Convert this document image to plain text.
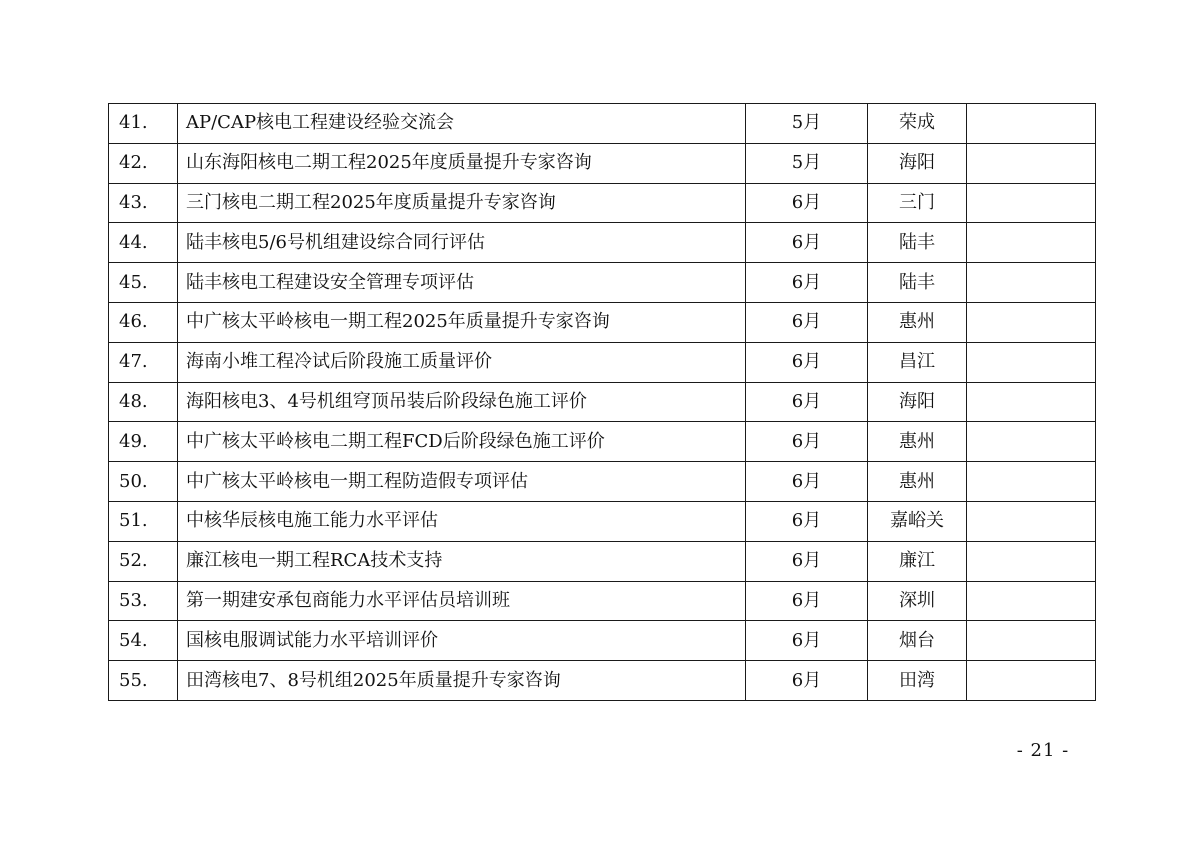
41.	AP/CAP核电工程建设经验交流会	5月	荣成	
42.	山东海阳核电二期工程2025年度质量提升专家咨询	5月	海阳	
43.	三门核电二期工程2025年度质量提升专家咨询	6月	三门	
44.	陆丰核电5/6号机组建设综合同行评估	6月	陆丰	
45.	陆丰核电工程建设安全管理专项评估	6月	陆丰	
46.	中广核太平岭核电一期工程2025年质量提升专家咨询	6月	惠州	
47.	海南小堆工程冷试后阶段施工质量评价	6月	昌江	
48.	海阳核电3、4号机组穹顶吊装后阶段绿色施工评价	6月	海阳	
49.	中广核太平岭核电二期工程FCD后阶段绿色施工评价	6月	惠州	
50.	中广核太平岭核电一期工程防造假专项评估	6月	惠州	
51.	中核华辰核电施工能力水平评估	6月	嘉峪关	
52.	廉江核电一期工程RCA技术支持	6月	廉江	
53.	第一期建安承包商能力水平评估员培训班	6月	深圳	
54.	国核电服调试能力水平培训评价	6月	烟台	
55.	田湾核电7、8号机组2025年质量提升专家咨询	6月	田湾	
- 21 -
